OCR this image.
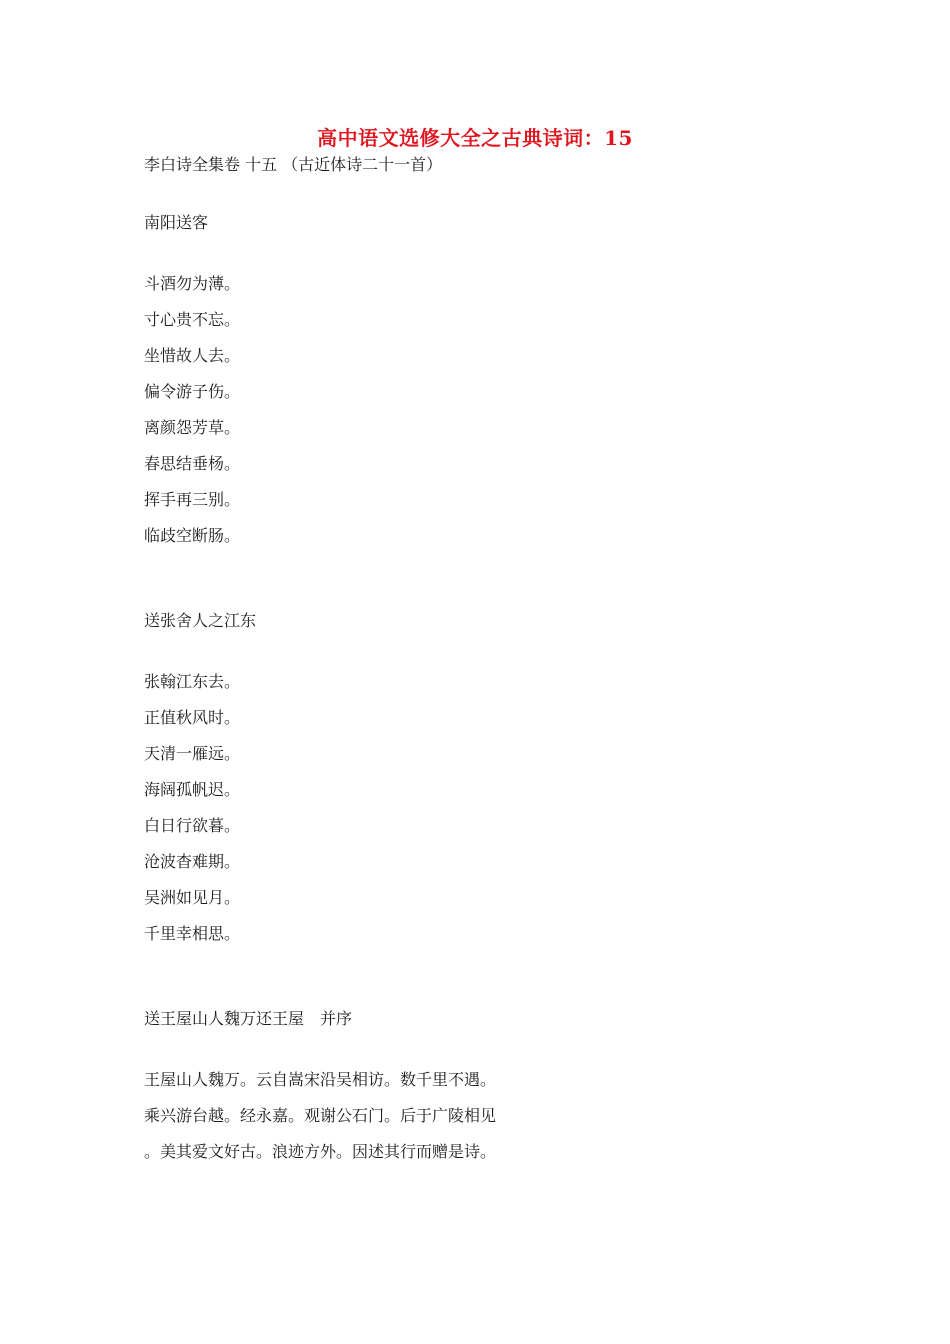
高中语文选修大全之古典诗词：15
李白诗全集卷 十五 （古近体诗二十一首）
南阳送客
斗酒勿为薄。
寸心贵不忘。
坐惜故人去。
偏令游子伤。
离颜怨芳草。
春思结垂杨。
挥手再三别。
临歧空断肠。
送张舍人之江东
张翰江东去。
正值秋风时。
天清一雁远。
海阔孤帆迟。
白日行欲暮。
沧波杳难期。
吴洲如见月。
千里幸相思。
送王屋山人魏万还王屋　并序
王屋山人魏万。云自嵩宋沿吴相访。数千里不遇。
乘兴游台越。经永嘉。观谢公石门。后于广陵相见
。美其爱文好古。浪迹方外。因述其行而赠是诗。
